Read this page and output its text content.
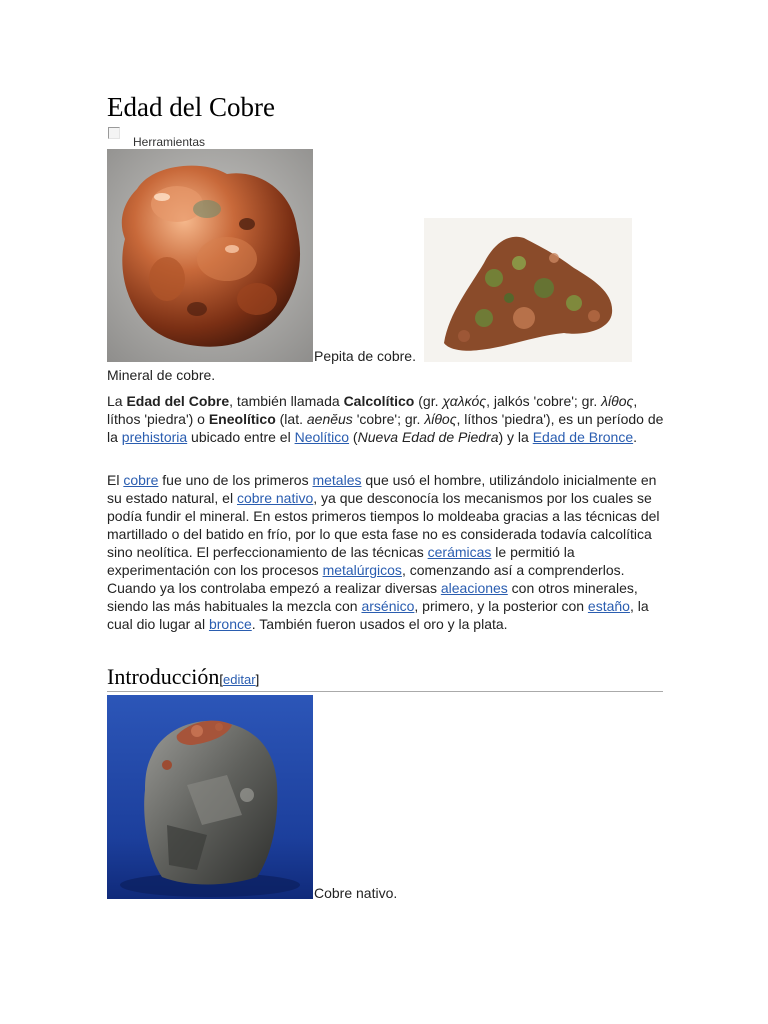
Edad del Cobre
Herramientas
Pepita de cobre.
Mineral de cobre.

La Edad del Cobre, también llamada Calcolítico (gr. χαλκός, jalkós 'cobre'; gr. λίθος, líthos 'piedra') o Eneolítico (lat. aenĕus 'cobre'; gr. λίθος, líthos 'piedra'), es un período de la prehistoria ubicado entre el Neolítico (Nueva Edad de Piedra) y la Edad de Bronce.

El cobre fue uno de los primeros metales que usó el hombre, utilizándolo inicialmente en su estado natural, el cobre nativo, ya que desconocía los mecanismos por los cuales se podía fundir el mineral. En estos primeros tiempos lo moldeaba gracias a las técnicas del martillado o del batido en frío, por lo que esta fase no es considerada todavía calcolítica sino neolítica. El perfeccionamiento de las técnicas cerámicas le permitió la experimentación con los procesos metalúrgicos, comenzando así a comprenderlos. Cuando ya los controlaba empezó a realizar diversas aleaciones con otros minerales, siendo las más habituales la mezcla con arsénico, primero, y la posterior con estaño, la cual dio lugar al bronce. También fueron usados el oro y la plata.

Introducción[editar]
Cobre nativo.
